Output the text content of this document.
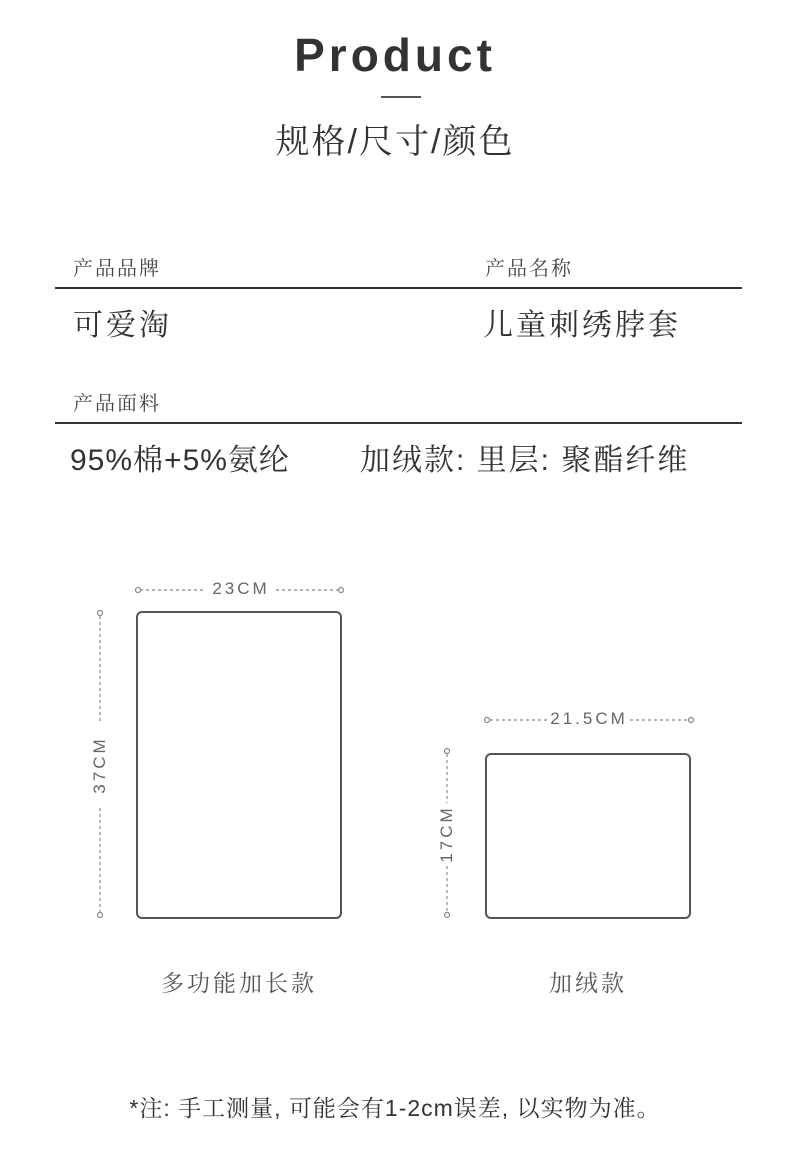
Product
规格/尺寸/颜色
产品品牌	产品名称
可爱淘	儿童刺绣脖套
产品面料
95%棉+5%氨纶 加绒款: 里层: 聚酯纤维
23CM
37CM
多功能加长款
21.5CM
17CM
加绒款
*注: 手工测量, 可能会有1-2cm误差, 以实物为准。
